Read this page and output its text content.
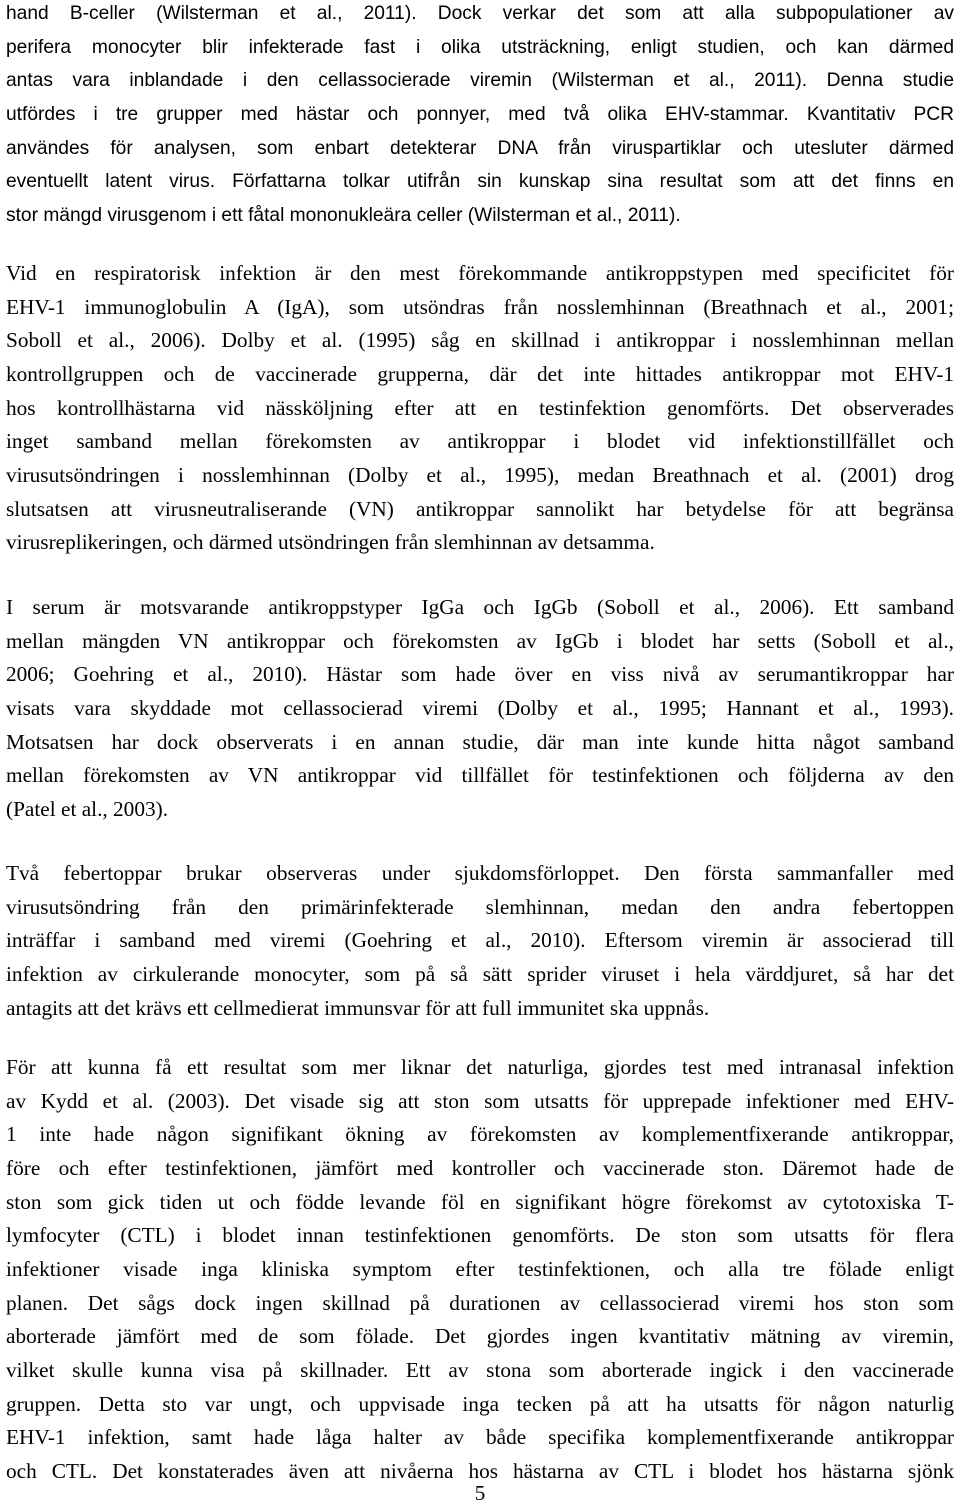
hand B-celler (Wilsterman et al., 2011). Dock verkar det som att alla subpopulationer av
perifera monocyter blir infekterade fast i olika utsträckning, enligt studien, och kan därmed
antas vara inblandade i den cellassocierade viremin (Wilsterman et al., 2011). Denna studie
utfördes i tre grupper med hästar och ponnyer, med två olika EHV-stammar. Kvantitativ PCR
användes för analysen, som enbart detekterar DNA från viruspartiklar och utesluter därmed
eventuellt latent virus. Författarna tolkar utifrån sin kunskap sina resultat som att det finns en
stor mängd virusgenom i ett fåtal mononukleära celler (Wilsterman et al., 2011).
Vid en respiratorisk infektion är den mest förekommande antikroppstypen med specificitet för
EHV-1 immunoglobulin A (IgA), som utsöndras från nosslemhinnan (Breathnach et al., 2001;
Soboll et al., 2006). Dolby et al. (1995) såg en skillnad i antikroppar i nosslemhinnan mellan
kontrollgruppen och de vaccinerade grupperna, där det inte hittades antikroppar mot EHV-1
hos kontrollhästarna vid nässköljning efter att en testinfektion genomförts. Det observerades
inget samband mellan förekomsten av antikroppar i blodet vid infektionstillfället och
virusutsöndringen i nosslemhinnan (Dolby et al., 1995), medan Breathnach et al. (2001) drog
slutsatsen att virusneutraliserande (VN) antikroppar sannolikt har betydelse för att begränsa
virusreplikeringen, och därmed utsöndringen från slemhinnan av detsamma.
I serum är motsvarande antikroppstyper IgGa och IgGb (Soboll et al., 2006). Ett samband
mellan mängden VN antikroppar och förekomsten av IgGb i blodet har setts (Soboll et al.,
2006; Goehring et al., 2010). Hästar som hade över en viss nivå av serumantikroppar har
visats vara skyddade mot cellassocierad viremi (Dolby et al., 1995; Hannant et al., 1993).
Motsatsen har dock observerats i en annan studie, där man inte kunde hitta något samband
mellan förekomsten av VN antikroppar vid tillfället för testinfektionen och följderna av den
(Patel et al., 2003).
Två febertoppar brukar observeras under sjukdomsförloppet. Den första sammanfaller med
virusutsöndring från den primärinfekterade slemhinnan, medan den andra febertoppen
inträffar i samband med viremi (Goehring et al., 2010). Eftersom viremin är associerad till
infektion av cirkulerande monocyter, som på så sätt sprider viruset i hela värddjuret, så har det
antagits att det krävs ett cellmedierat immunsvar för att full immunitet ska uppnås.
För att kunna få ett resultat som mer liknar det naturliga, gjordes test med intranasal infektion
av Kydd et al. (2003). Det visade sig att ston som utsatts för upprepade infektioner med EHV-
1 inte hade någon signifikant ökning av förekomsten av komplementfixerande antikroppar,
före och efter testinfektionen, jämfört med kontroller och vaccinerade ston. Däremot hade de
ston som gick tiden ut och födde levande föl en signifikant högre förekomst av cytotoxiska T-
lymfocyter (CTL) i blodet innan testinfektionen genomförts. De ston som utsatts för flera
infektioner visade inga kliniska symptom efter testinfektionen, och alla tre fölade enligt
planen. Det sågs dock ingen skillnad på durationen av cellassocierad viremi hos ston som
aborterade jämfört med de som fölade. Det gjordes ingen kvantitativ mätning av viremin,
vilket skulle kunna visa på skillnader. Ett av stona som aborterade ingick i den vaccinerade
gruppen. Detta sto var ungt, och uppvisade inga tecken på att ha utsatts för någon naturlig
EHV-1 infektion, samt hade låga halter av både specifika komplementfixerande antikroppar
och CTL. Det konstaterades även att nivåerna hos hästarna av CTL i blodet hos hästarna sjönk
5
